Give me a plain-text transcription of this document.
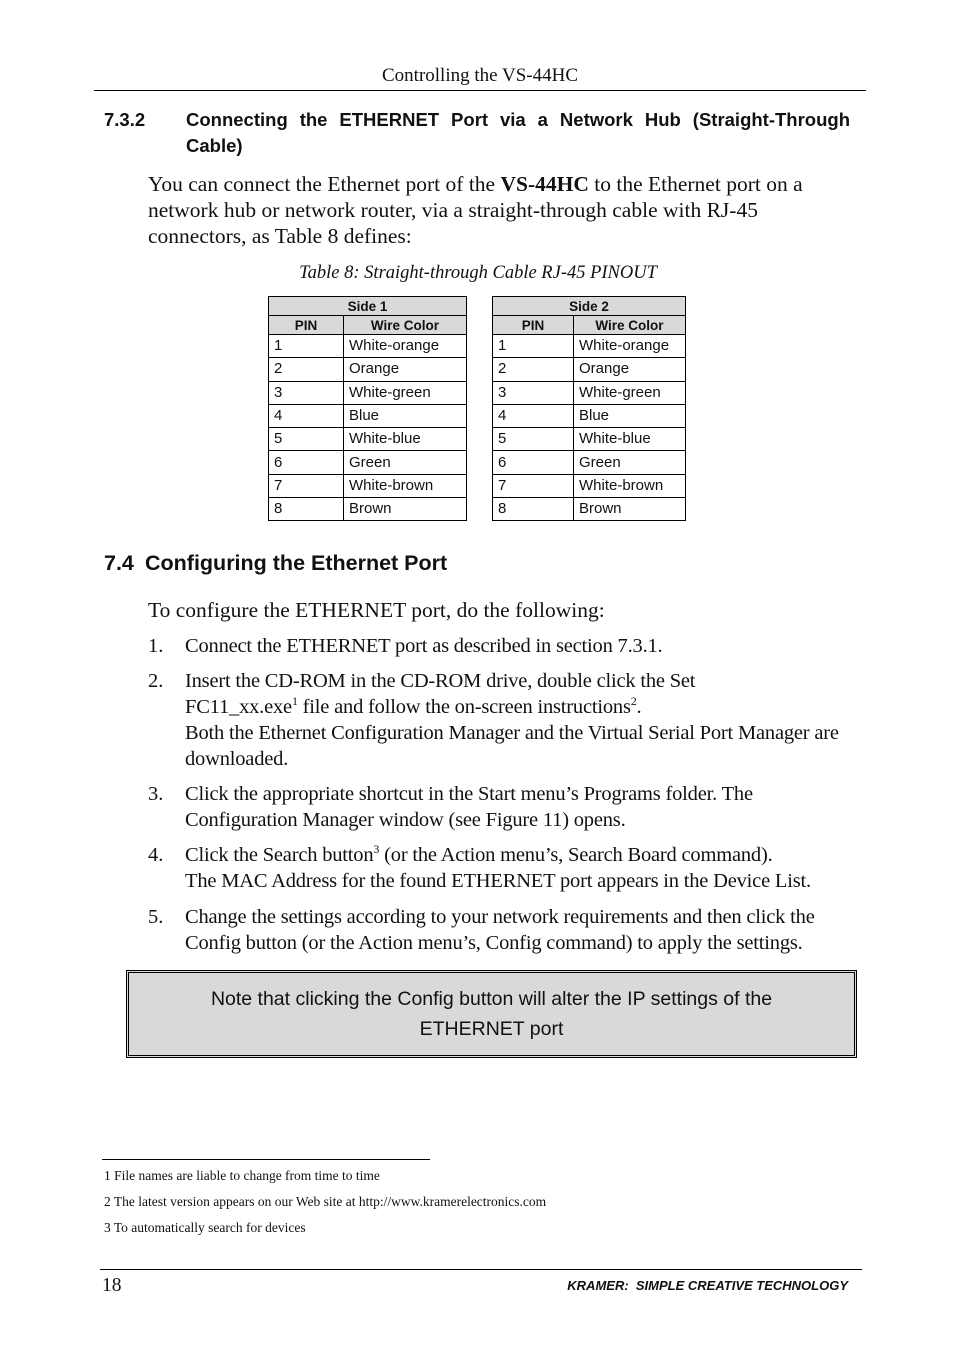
Controlling the VS-44HC
7.3.2 Connecting the ETHERNET Port via a Network Hub (Straight-Through Cable)
You can connect the Ethernet port of the VS-44HC to the Ethernet port on a network hub or network router, via a straight-through cable with RJ-45 connectors, as Table 8 defines:
Table 8: Straight-through Cable RJ-45 PINOUT
Side 1	
PIN	Wire Color
1	White-orange
2	Orange
3	White-green
4	Blue
5	White-blue
6	Green
7	White-brown
8	Brown
Side 2	
PIN	Wire Color
1	White-orange
2	Orange
3	White-green
4	Blue
5	White-blue
6	Green
7	White-brown
8	Brown
7.4 Configuring the Ethernet Port
To configure the ETHERNET port, do the following:
1. Connect the ETHERNET port as described in section 7.3.1.
2. Insert the CD-ROM in the CD-ROM drive, double click the Set
FC11_xx.exe$^1$ file and follow the on-screen instructions$^2$.
Both the Ethernet Configuration Manager and the Virtual Serial Port Manager are downloaded.
3. Click the appropriate shortcut in the Start menu’s Programs folder. The Configuration Manager window (see Figure 11) opens.
4. Click the Search button$^3$ (or the Action menu’s, Search Board command).
The MAC Address for the found ETHERNET port appears in the Device List.
5. Change the settings according to your network requirements and then click the Config button (or the Action menu’s, Config command) to apply the settings.
Note that clicking the Config button will alter the IP settings of the ETHERNET port
1 File names are liable to change from time to time
2 The latest version appears on our Web site at http://www.kramerelectronics.com
3 To automatically search for devices
18	KRAMER:  SIMPLE CREATIVE TECHNOLOGY
